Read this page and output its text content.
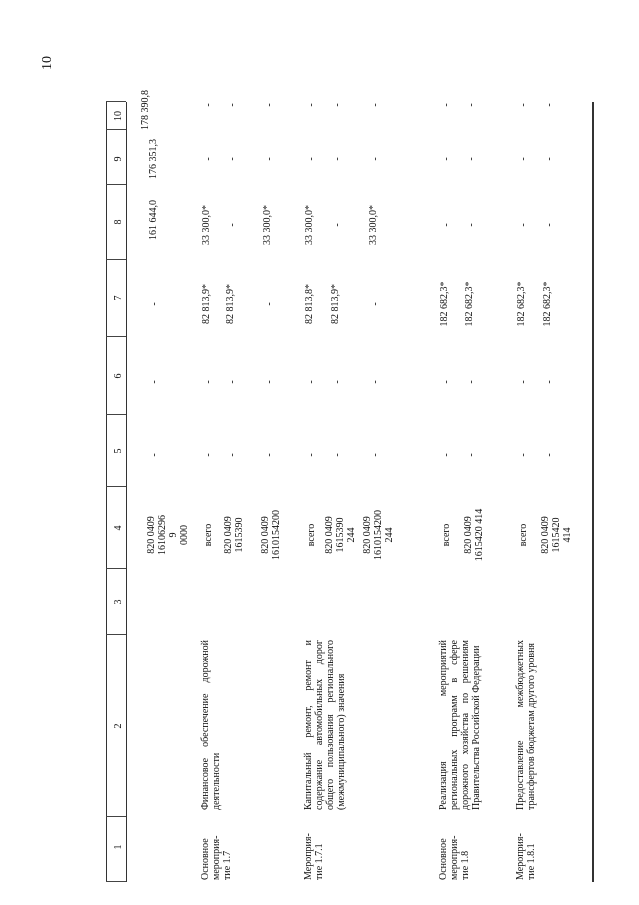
10
1
2
3
4
5
6
7
8
9
10
820 0409
16106296
9
0000
-
-
-
161 644,0
176 351,3
178 390,8
Основное
мероприя-
тие 1.7
Финансовое обеспечение дорожной деятельности
всего
-
-
82 813,9*
33 300,0*
-
-
820 0409
1615390
-
-
82 813,9*
-
-
-
820 0409
1610154200
-
-
-
33 300,0*
-
-
Мероприя-
тие 1.7.1
Капитальный ремонт, ремонт и содержание автомобильных дорог общего пользования регионального (межмуниципального) значения
всего
-
-
82 813,8*
33 300,0*
-
-
820 0409
1615390
244
-
-
82 813,9*
-
-
-
820 0409
1610154200
244
-
-
-
33 300,0*
-
-
Основное
мероприя-
тие 1.8
Реализация мероприятий региональных программ в сфере дорожного хозяйства по решениям Правительства Российской Федерации
всего
-
-
182 682,3*
-
-
-
820 0409
1615420 414
-
-
182 682,3*
-
-
-
Мероприя-
тие 1.8.1
Предоставление межбюджетных трансфертов бюджетам другого уровня
всего
-
-
182 682,3*
-
-
-
820 0409
1615420
414
-
-
182 682,3*
-
-
-
